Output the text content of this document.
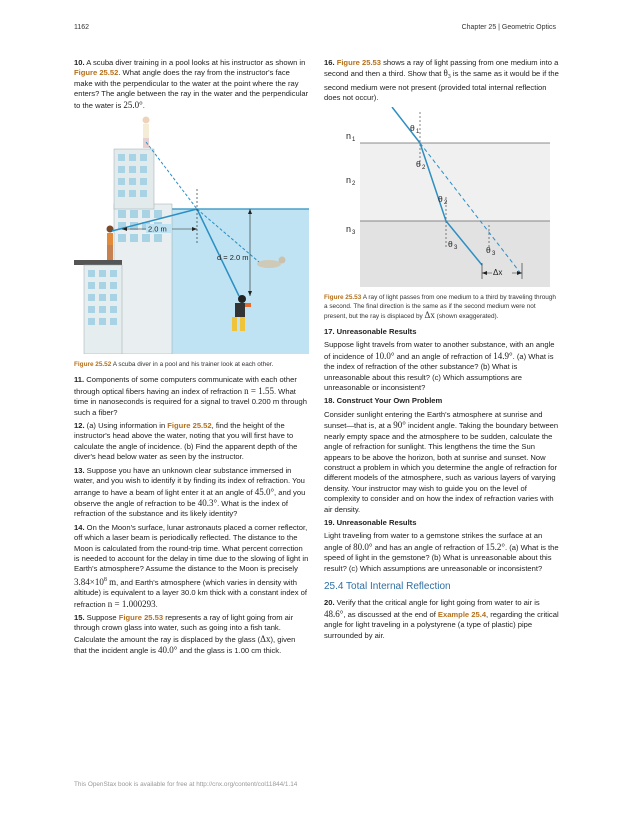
1162	Chapter 25 | Geometric Optics

10. A scuba diver training in a pool looks at his instructor as shown in Figure 25.52. What angle does the ray from the instructor's face make with the perpendicular to the water at the point where the ray enters? The angle between the ray in the water and the perpendicular to the water is 25.0°.

2.0 m
d = 2.0 m

Figure 25.52 A scuba diver in a pool and his trainer look at each other.

11. Components of some computers communicate with each other through optical fibers having an index of refraction n = 1.55. What time in nanoseconds is required for a signal to travel 0.200 m through such a fiber?

12. (a) Using information in Figure 25.52, find the height of the instructor's head above the water, noting that you will first have to calculate the angle of incidence. (b) Find the apparent depth of the diver's head below water as seen by the instructor.

13. Suppose you have an unknown clear substance immersed in water, and you wish to identify it by finding its index of refraction. You arrange to have a beam of light enter it at an angle of 45.0°, and you observe the angle of refraction to be 40.3°. What is the index of refraction of the substance and its likely identity?

14. On the Moon's surface, lunar astronauts placed a corner reflector, off which a laser beam is periodically reflected. The distance to the Moon is calculated from the round-trip time. What percent correction is needed to account for the delay in time due to the slowing of light in Earth's atmosphere? Assume the distance to the Moon is precisely $3.84\times 10^8$ m, and Earth's atmosphere (which varies in density with altitude) is equivalent to a layer 30.0 km thick with a constant index of refraction n = 1.000293.

15. Suppose Figure 25.53 represents a ray of light going from air through crown glass into water, such as going into a fish tank. Calculate the amount the ray is displaced by the glass (Δx), given that the incident angle is 40.0° and the glass is 1.00 cm thick.

16. Figure 25.53 shows a ray of light passing from one medium into a second and then a third. Show that $\theta_3$ is the same as it would be if the second medium were not present (provided total internal reflection does not occur).

n 1
n 2
n 3
θ 1
θ 2
θ 2
θ 3	θ 3
Δx

Figure 25.53 A ray of light passes from one medium to a third by traveling through a second. The final direction is the same as if the second medium were not present, but the ray is displaced by Δx (shown exaggerated).

17. Unreasonable Results

Suppose light travels from water to another substance, with an angle of incidence of 10.0° and an angle of refraction of 14.9°. (a) What is the index of refraction of the other substance? (b) What is unreasonable about this result? (c) Which assumptions are unreasonable or inconsistent?

18. Construct Your Own Problem

Consider sunlight entering the Earth's atmosphere at sunrise and sunset—that is, at a 90° incident angle. Taking the boundary between nearly empty space and the atmosphere to be sudden, calculate the angle of refraction for sunlight. This lengthens the time the Sun appears to be above the horizon, both at sunrise and sunset. Now construct a problem in which you determine the angle of refraction for different models of the atmosphere, such as various layers of varying density. Your instructor may wish to guide you on the level of complexity to consider and on how the index of refraction varies with air density.

19. Unreasonable Results

Light traveling from water to a gemstone strikes the surface at an angle of 80.0° and has an angle of refraction of 15.2°. (a) What is the speed of light in the gemstone? (b) What is unreasonable about this result? (c) Which assumptions are unreasonable or inconsistent?

25.4 Total Internal Reflection

20. Verify that the critical angle for light going from water to air is 48.6°, as discussed at the end of Example 25.4, regarding the critical angle for light traveling in a polystyrene (a type of plastic) pipe surrounded by air.

This OpenStax book is available for free at http://cnx.org/content/col11844/1.14
